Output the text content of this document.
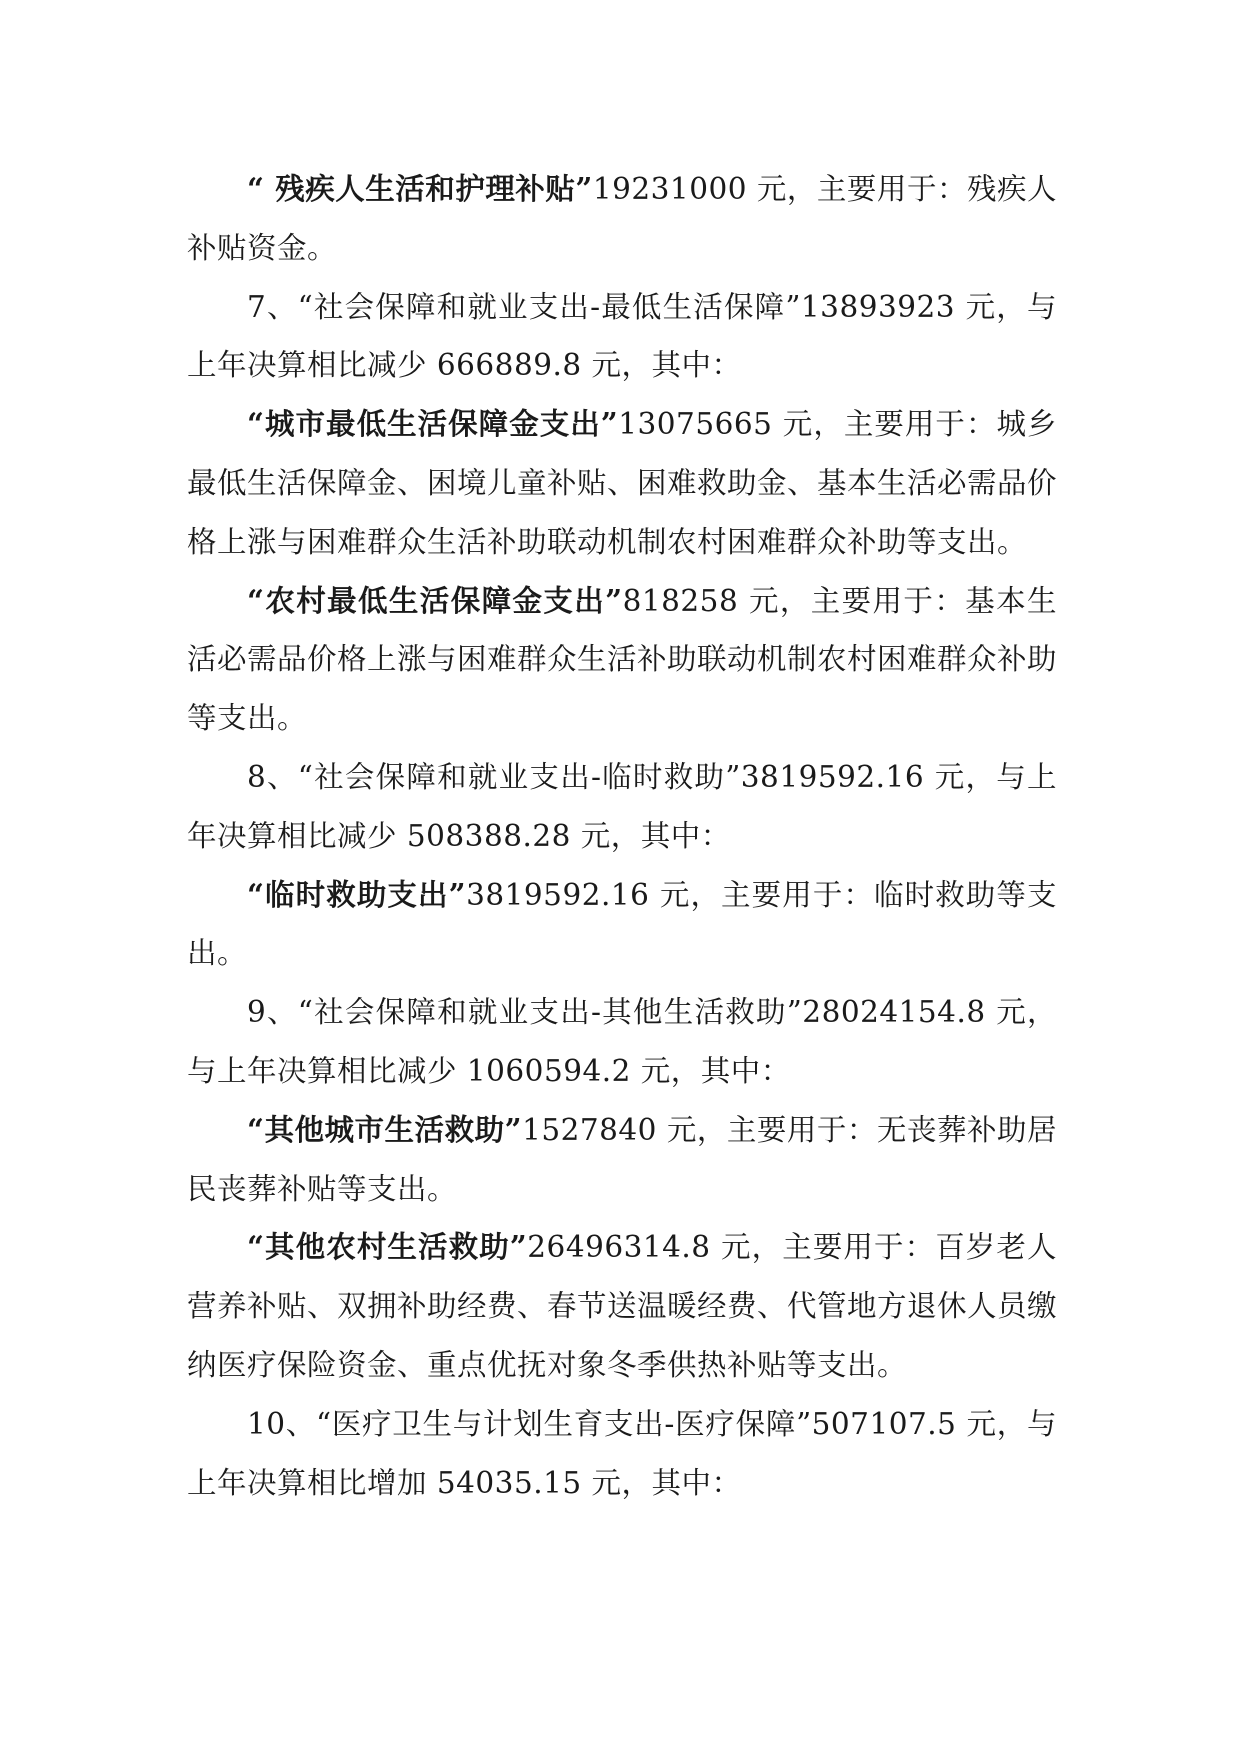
“ 残疾人生活和护理补贴”19231000 元，主要用于：残疾人补贴资金。

7、“社会保障和就业支出-最低生活保障”13893923 元，与上年决算相比减少 666889.8 元，其中：

“城市最低生活保障金支出”13075665 元，主要用于：城乡最低生活保障金、困境儿童补贴、困难救助金、基本生活必需品价格上涨与困难群众生活补助联动机制农村困难群众补助等支出。

“农村最低生活保障金支出”818258 元，主要用于：基本生活必需品价格上涨与困难群众生活补助联动机制农村困难群众补助等支出。

8、“社会保障和就业支出-临时救助”3819592.16 元，与上年决算相比减少 508388.28 元，其中：

“临时救助支出”3819592.16 元，主要用于：临时救助等支出。

9、“社会保障和就业支出-其他生活救助”28024154.8 元，与上年决算相比减少 1060594.2 元，其中：

“其他城市生活救助”1527840 元，主要用于：无丧葬补助居民丧葬补贴等支出。

“其他农村生活救助”26496314.8 元，主要用于：百岁老人营养补贴、双拥补助经费、春节送温暖经费、代管地方退休人员缴纳医疗保险资金、重点优抚对象冬季供热补贴等支出。

10、“医疗卫生与计划生育支出-医疗保障”507107.5 元，与上年决算相比增加 54035.15 元，其中：
